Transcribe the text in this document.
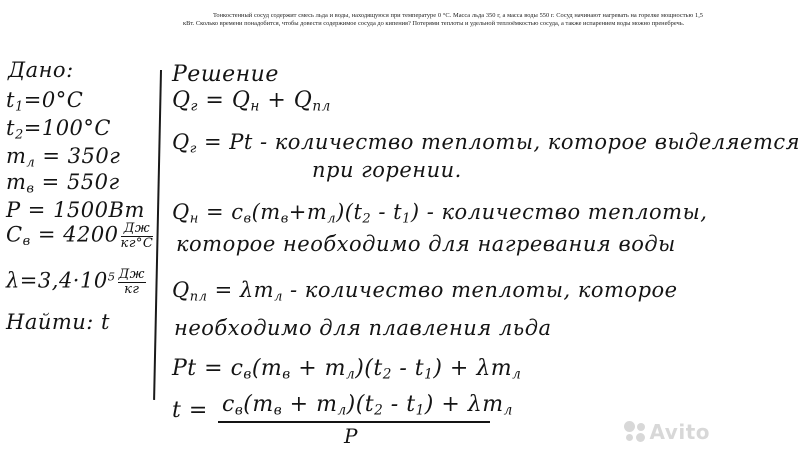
Тонкостенный сосуд содержит смесь льда и воды, находящуюся при температуре 0 °С. Масса льда 350 г, а масса воды 550 г. Сосуд начинают нагревать на горелке мощностью 1,5 кВт. Сколько времени понадобится, чтобы довести содержимое сосуда до кипения? Потерями теплоты и удельной теплоёмкостью сосуда, а также испарением воды можно пренебречь.
Дано:
$t_1=0^\circ C$
$t_2=100^\circ C$
$m_л = 350г$
$m_в = 550г$
P = 1500Вт
$C_в = 4200 \frac{Дж}{кг^\circ C}$
$\lambda=3,4\cdot 10^5 \frac{Дж}{кг}$
Найти: t
Решение
$Q_г = Q_н + Q_{пл}$
$Q_г = Pt$ - количество теплоты, которое выделяется
при горении.
$Q_н = c_в(m_в+m_л)(t_2 - t_1)$ - количество теплоты,
которое необходимо для нагревания воды
$Q_{пл} = \lambda m_л$ - количество теплоты, которое
необходимо для плавления льда
$Pt = c_в(m_в + m_л)(t_2 - t_1) + \lambda m_л$
$t = c_в(m_в + m_л)(t_2 - t_1) + \lambda m_л$
P	Avito
